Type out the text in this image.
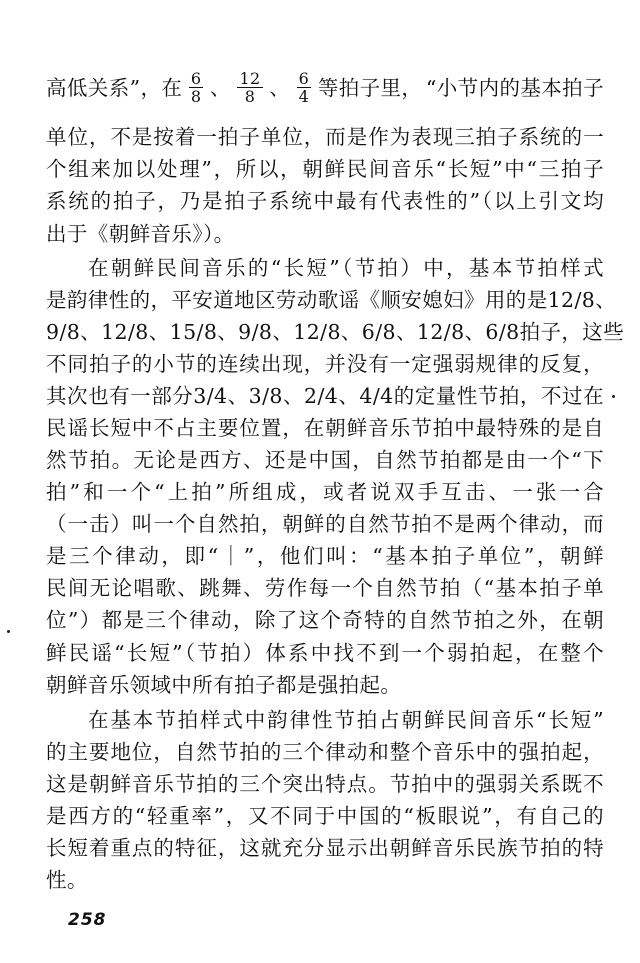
高低关系”，在 $\frac{6}{8}$ 、 $\frac{12}{8}$ 、 $\frac{6}{4}$ 等拍子里， “小节内的基本拍子
单位，不是按着一拍子单位，而是作为表现三拍子系统的一
个组来加以处理”，所以，朝鲜民间音乐“长短”中“三拍子
系统的拍子，乃是拍子系统中最有代表性的”（以上引文均
出于《朝鲜音乐》）。
在朝鲜民间音乐的“长短”（节拍）中，基本节拍样式
是韵律性的，平安道地区劳动歌谣《顺安媳妇》用的是12/8、
9/8、12/8、15/8、9/8、12/8、6/8、12/8、6/8拍子，这些
不同拍子的小节的连续出现，并没有一定强弱规律的反复，
其次也有一部分3/4、3/8、2/4、4/4的定量性节拍，不过在
民谣长短中不占主要位置，在朝鲜音乐节拍中最特殊的是自
然节拍。无论是西方、还是中国，自然节拍都是由一个“下
拍”和一个“上拍”所组成，或者说双手互击、一张一合
（一击）叫一个自然拍，朝鲜的自然节拍不是两个律动，而
是三个律动，即“｜”，他们叫：“基本拍子单位”，朝鲜
民间无论唱歌、跳舞、劳作每一个自然节拍（“基本拍子单
位”）都是三个律动，除了这个奇特的自然节拍之外，在朝
鲜民谣“长短”（节拍）体系中找不到一个弱拍起，在整个
朝鲜音乐领域中所有拍子都是强拍起。
在基本节拍样式中韵律性节拍占朝鲜民间音乐“长短”
的主要地位，自然节拍的三个律动和整个音乐中的强拍起，
这是朝鲜音乐节拍的三个突出特点。节拍中的强弱关系既不
是西方的“轻重率”，又不同于中国的“板眼说”，有自己的
长短着重点的特征，这就充分显示出朝鲜音乐民族节拍的特
性。
258
